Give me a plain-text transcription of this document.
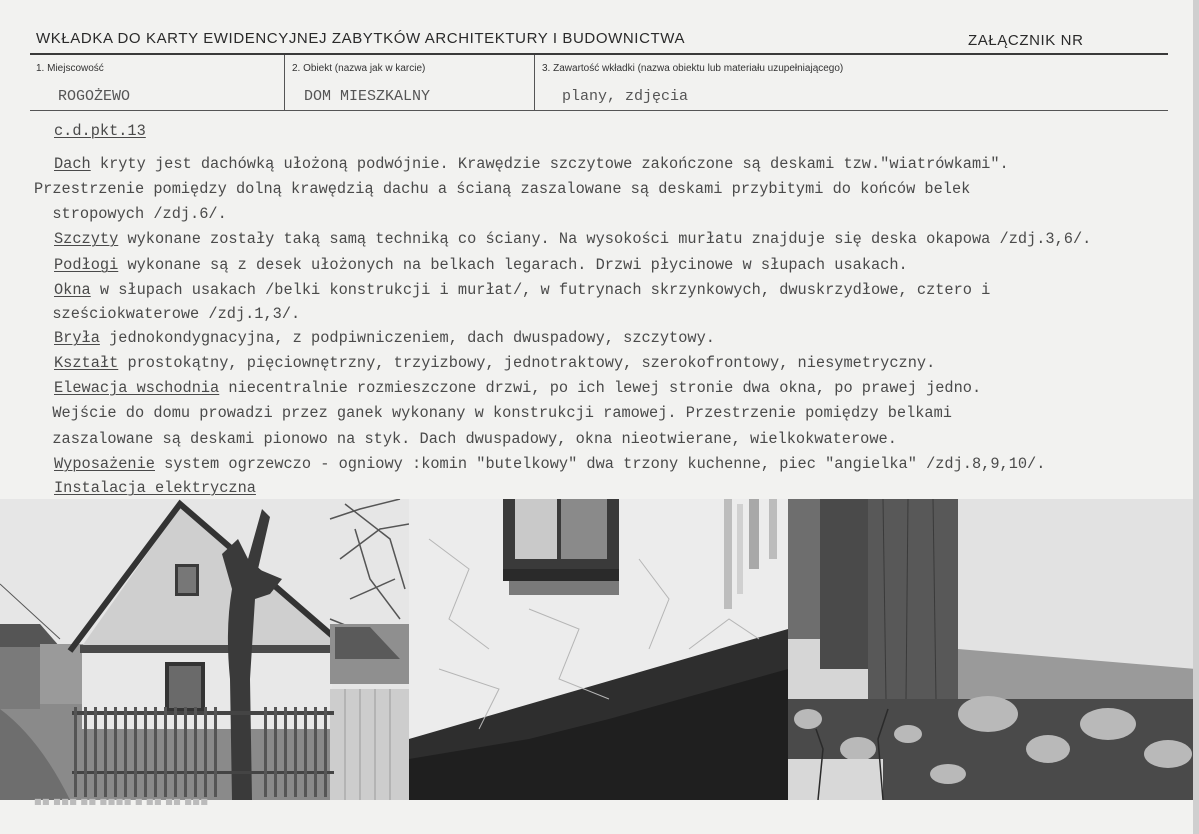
WKŁADKA DO KARTY EWIDENCYJNEJ ZABYTKÓW ARCHITEKTURY I BUDOWNICTWA	ZAŁĄCZNIK NR
1. Miejscowość
ROGOŻEWO
2. Obiekt (nazwa jak w karcie)
DOM MIESZKALNY
3. Zawartość wkładki (nazwa obiektu lub materiału uzupełniającego)
plany, zdjęcia
c.d.pkt.13
Dach kryty jest dachówką ułożoną podwójnie. Krawędzie szczytowe zakończone są deskami tzw."wiatrówkami".
Przestrzenie pomiędzy dolną krawędzią dachu a ścianą zaszalowane są deskami przybitymi do końców belek
stropowych /zdj.6/.
Szczyty wykonane zostały taką samą techniką co ściany. Na wysokości murłatu znajduje się deska okapowa /zdj.3,6/.
Podłogi wykonane są z desek ułożonych na belkach legarach. Drzwi płycinowe w słupach usakach.
Okna w słupach usakach /belki konstrukcji i murłat/, w futrynach skrzynkowych, dwuskrzydłowe, cztero i
sześciokwaterowe /zdj.1,3/.
Bryła jednokondygnacyjna, z podpiwniczeniem, dach dwuspadowy, szczytowy.
Kształt prostokątny, pięciownętrzny, trzyizbowy, jednotraktowy, szerokofrontowy, niesymetryczny.
Elewacja wschodnia niecentralnie rozmieszczone drzwi, po ich lewej stronie dwa okna, po prawej jedno.
Wejście do domu prowadzi przez ganek wykonany w konstrukcji ramowej. Przestrzenie pomiędzy belkami
zaszalowane są deskami pionowo na styk. Dach dwuspadowy, okna nieotwierane, wielkokwaterowe.
Wyposażenie system ogrzewczo - ogniowy :komin "butelkowy" dwa trzony kuchenne, piec "angielka" /zdj.8,9,10/.
Instalacja elektryczna
■■ ■■■ ■■ ■■■■ ■ ■■ ■■ ■■■
